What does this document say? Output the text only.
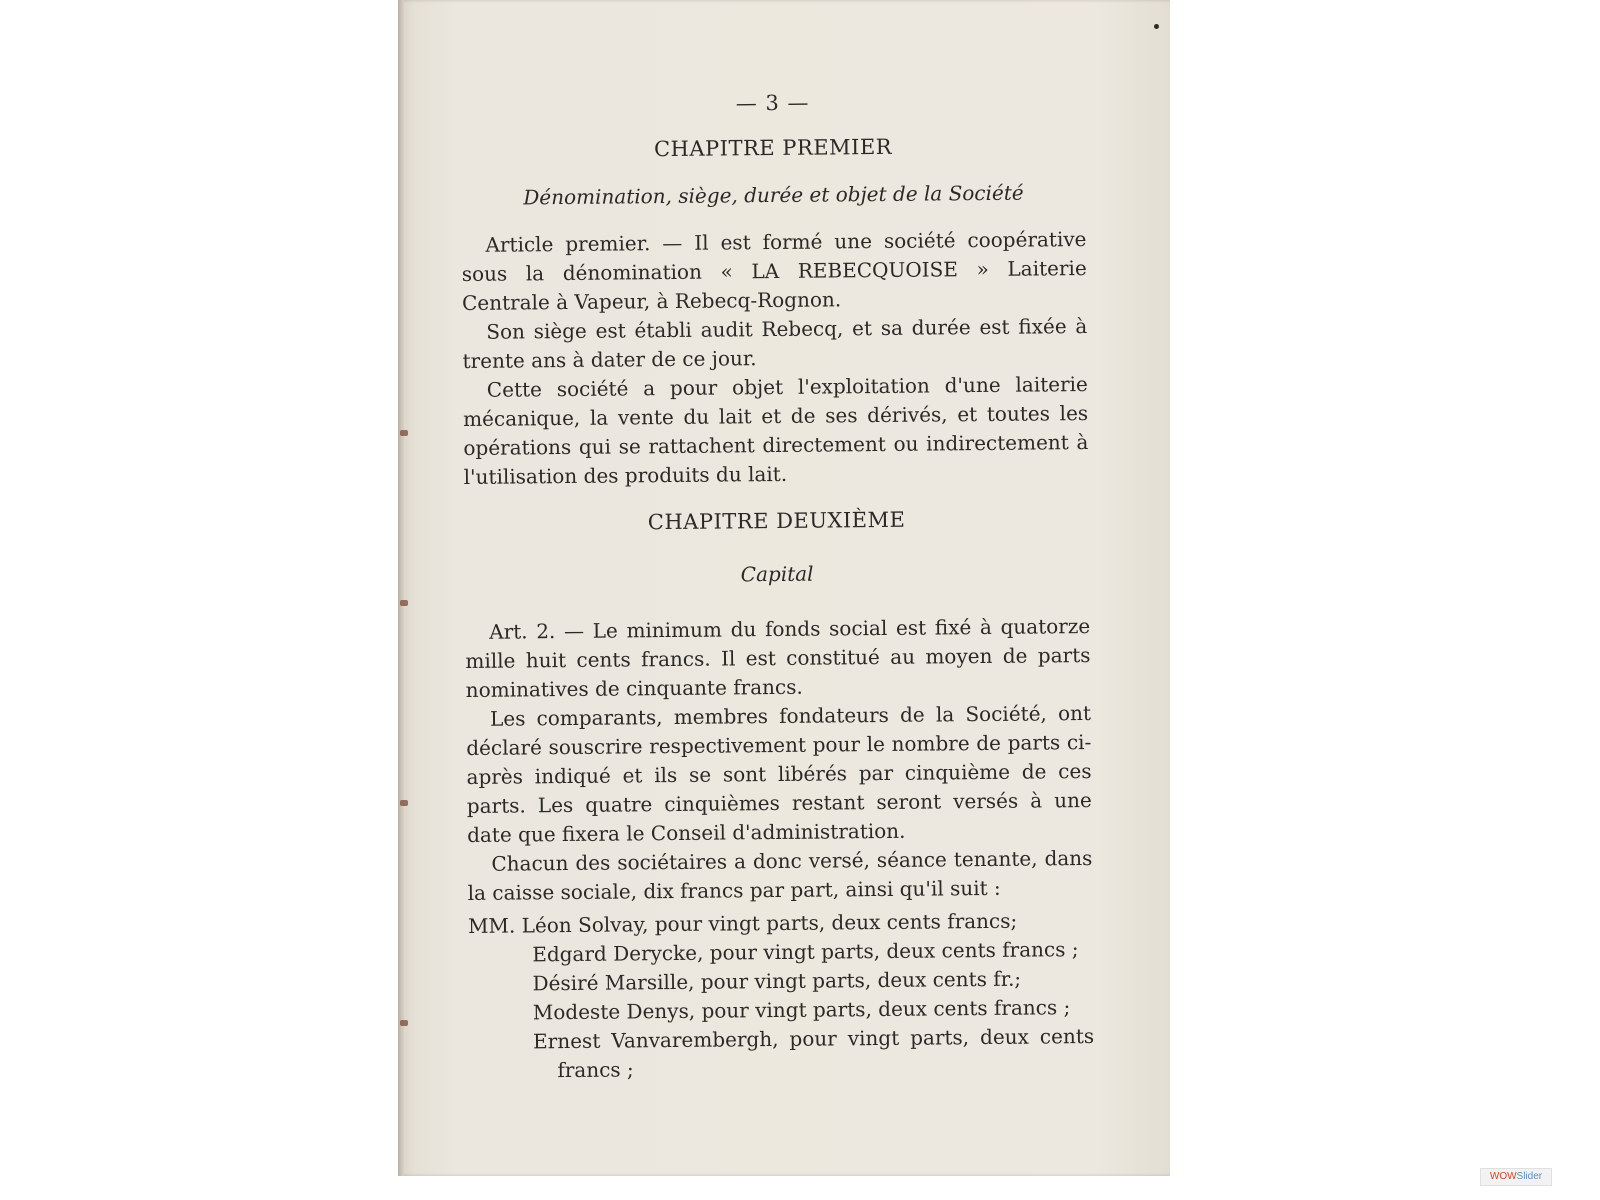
— 3 —
CHAPITRE PREMIER
Dénomination, siège, durée et objet de la Société

Article premier. — Il est formé une société coopérative sous la dénomination « LA REBECQUOISE » Laiterie Centrale à Vapeur, à Rebecq-Rognon.

Son siège est établi audit Rebecq, et sa durée est fixée à trente ans à dater de ce jour.

Cette société a pour objet l'exploitation d'une laiterie mécanique, la vente du lait et de ses dérivés, et toutes les opérations qui se rattachent directement ou indirectement à l'utilisation des produits du lait.

CHAPITRE DEUXIÈME
Capital

Art. 2. — Le minimum du fonds social est fixé à quatorze mille huit cents francs. Il est constitué au moyen de parts nominatives de cinquante francs.

Les comparants, membres fondateurs de la Société, ont déclaré souscrire respectivement pour le nombre de parts ci-après indiqué et ils se sont libérés par cinquième de ces parts. Les quatre cinquièmes restant seront versés à une date que fixera le Conseil d'administration.

Chacun des sociétaires a donc versé, séance tenante, dans la caisse sociale, dix francs par part, ainsi qu'il suit :

MM. Léon Solvay, pour vingt parts, deux cents francs;

Edgard Derycke, pour vingt parts, deux cents francs ;

Désiré Marsille, pour vingt parts, deux cents fr.;

Modeste Denys, pour vingt parts, deux cents francs ;

Ernest Vanvarembergh, pour vingt parts, deux cents francs ;

WOWSlider
